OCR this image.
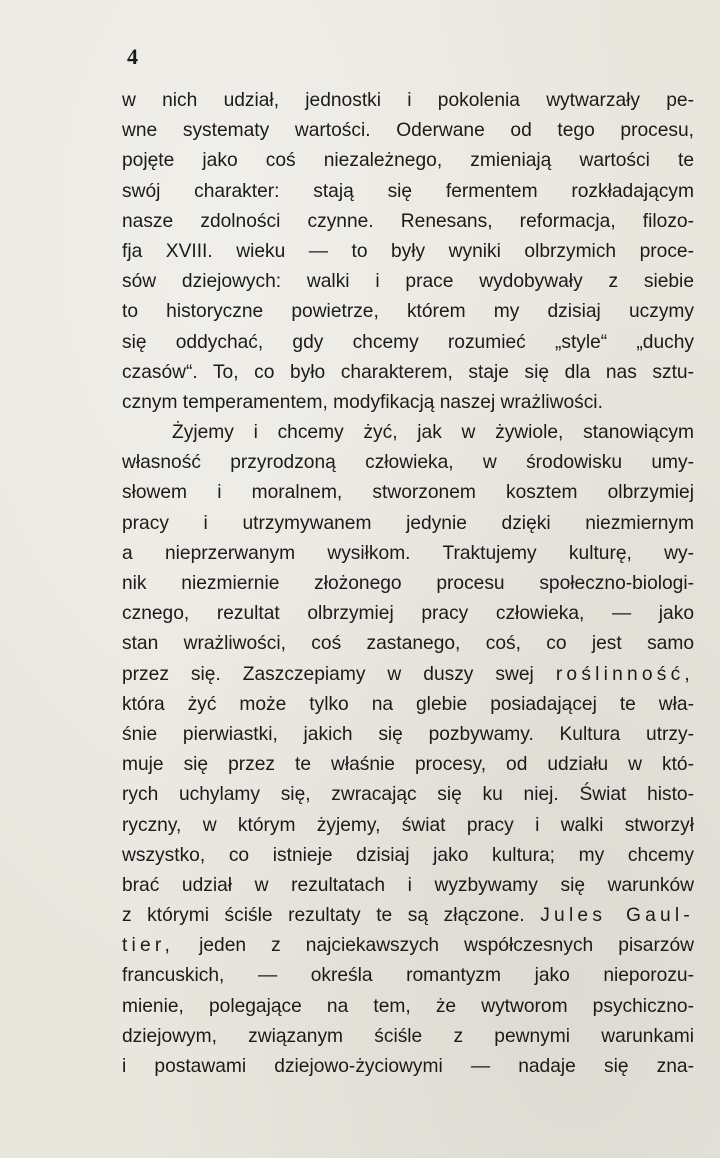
4
w nich udział, jednostki i pokolenia wytwarzały pe-
wne systematy wartości. Oderwane od tego procesu,
pojęte jako coś niezależnego, zmieniają wartości te
swój charakter: stają się fermentem rozkładającym
nasze zdolności czynne. Renesans, reformacja, filozo-
fja XVIII. wieku — to były wyniki olbrzymich proce-
sów dziejowych: walki i prace wydobywały z siebie
to historyczne powietrze, którem my dzisiaj uczymy
się oddychać, gdy chcemy rozumieć „style“ „duchy
czasów“. To, co było charakterem, staje się dla nas sztu-
cznym temperamentem, modyfikacją naszej wrażliwości.
Żyjemy i chcemy żyć, jak w żywiole, stanowiącym
własność przyrodzoną człowieka, w środowisku umy-
słowem i moralnem, stworzonem kosztem olbrzymiej
pracy i utrzymywanem jedynie dzięki niezmiernym
a nieprzerwanym wysiłkom. Traktujemy kulturę, wy-
nik niezmiernie złożonego procesu społeczno-biologi-
cznego, rezultat olbrzymiej pracy człowieka, — jako
stan wrażliwości, coś zastanego, coś, co jest samo
przez się. Zaszczepiamy w duszy swej roślinność,
która żyć może tylko na glebie posiadającej te wła-
śnie pierwiastki, jakich się pozbywamy. Kultura utrzy-
muje się przez te właśnie procesy, od udziału w któ-
rych uchylamy się, zwracając się ku niej. Świat histo-
ryczny, w którym żyjemy, świat pracy i walki stworzył
wszystko, co istnieje dzisiaj jako kultura; my chcemy
brać udział w rezultatach i wyzbywamy się warunków
z którymi ściśle rezultaty te są złączone. Jules Gaul-
tier, jeden z najciekawszych współczesnych pisarzów
francuskich, — określa romantyzm jako nieporozu-
mienie, polegające na tem, że wytworom psychiczno-
dziejowym, związanym ściśle z pewnymi warunkami
i postawami dziejowo-życiowymi — nadaje się zna-
